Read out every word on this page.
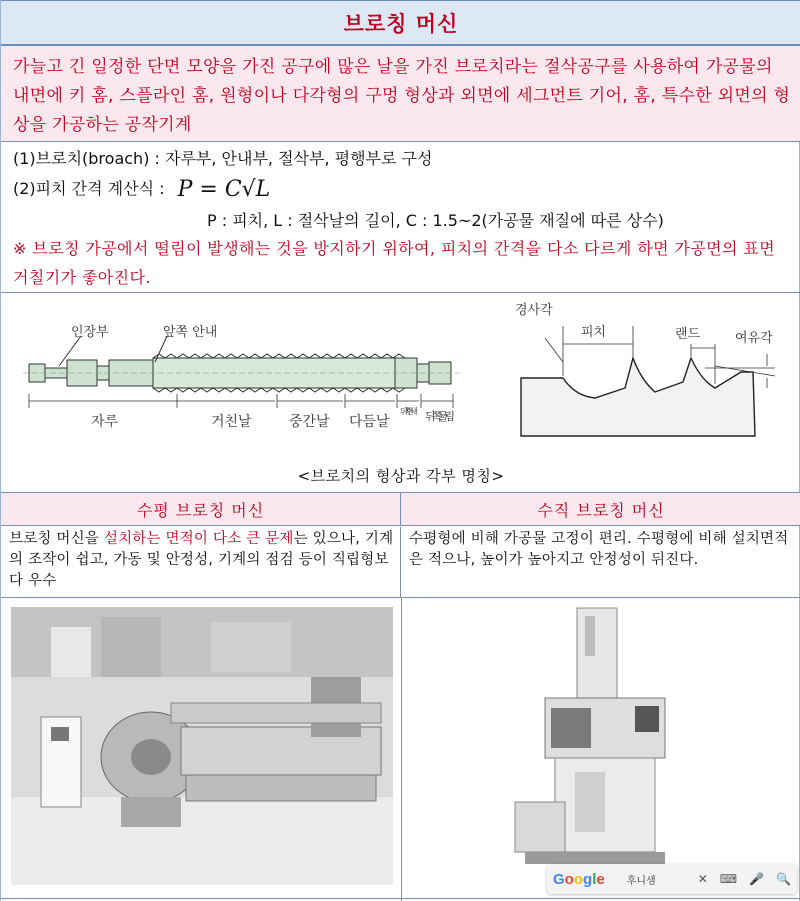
브로칭 머신
가늘고 긴 일정한 단면 모양을 가진 공구에 많은 날을 가진 브로치라는 절삭공구를 사용하여 가공물의 내면에 키 홈, 스플라인 홈, 원형이나 다각형의 구멍 형상과 외면에 세그먼트 기어, 홈, 특수한 외면의 형상을 가공하는 공작기계
(1)브로치(broach) : 자루부, 안내부, 절삭부, 평행부로 구성
(2)피치 간격 계산식 : P = C√L
P : 피치, L : 절삭날의 길이, C : 1.5~2(가공물 재질에 따른 상수)
※ 브로칭 가공에서 떨림이 발생해는 것을 방지하기 위하여, 피치의 간격을 다소 다르게 하면 가공면의 표면 거칠기가 좋아진다.
인장부	앞쪽 안내
자루	거친날	중간날 다듬날
뒤쪽 안내 뒤쪽 물림
경사각
피치	랜드	여유각
<브로치의 형상과 각부 명칭>
수평 브로칭 머신	수직 브로칭 머신
브로칭 머신을 설치하는 면적이 다소 큰 문제는 있으나, 기계의 조작이 쉽고, 가동 및 안정성, 기계의 점검 등이 직립형보다 우수
수평형에 비해 가공물 고정이 편리. 수평형에 비해 설치면적은 적으나, 높이가 높아지고 안정성이 뒤진다.
Google 후니샘	✕ ⌨ 🎤 🔍
